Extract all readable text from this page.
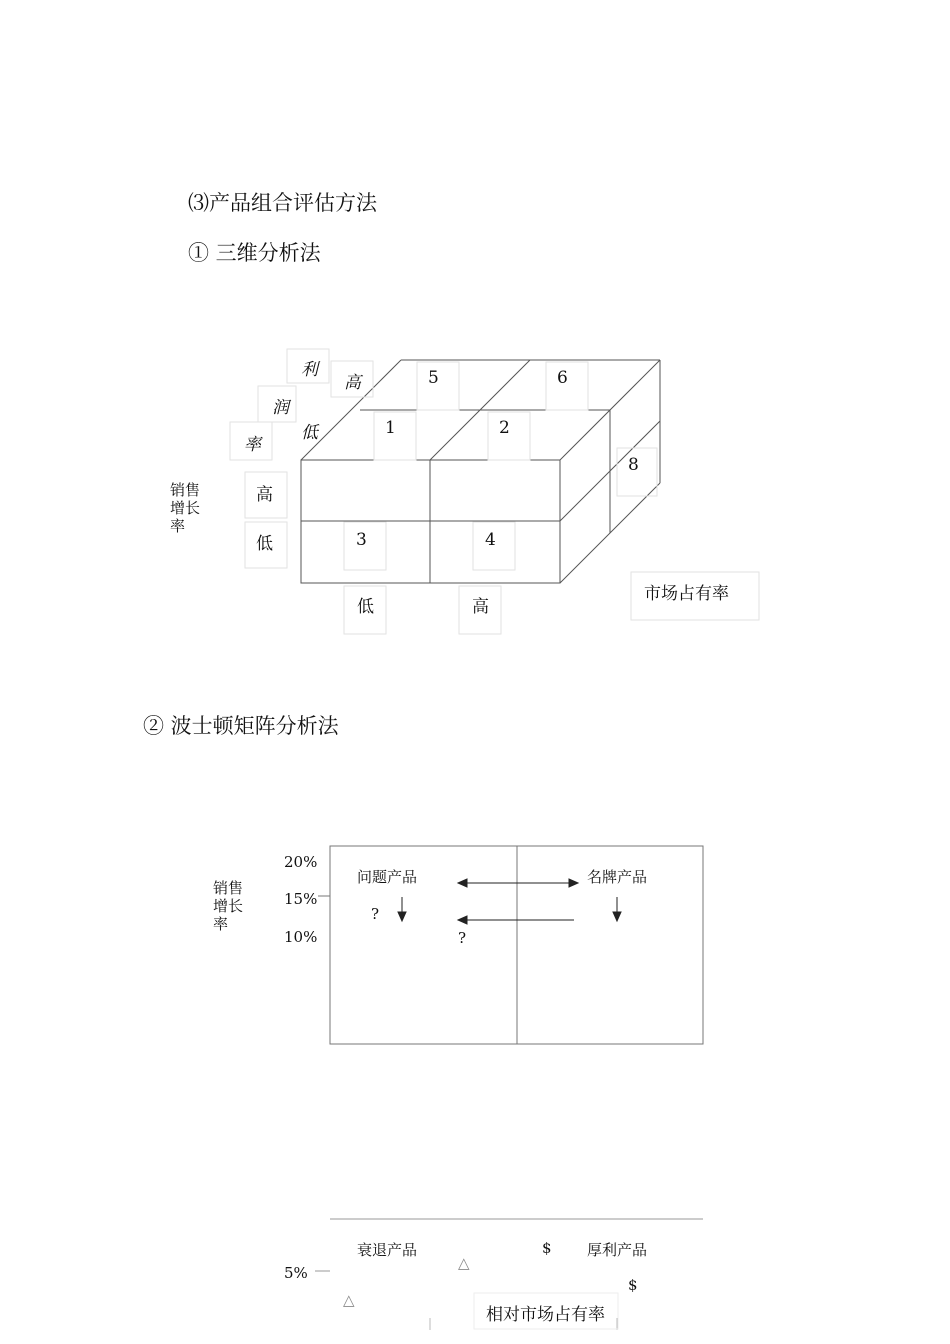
⑶产品组合评估方法
① 三维分析法
② 波士顿矩阵分析法
利
润
率
高
低
销售
增长
率
高
低
低	高
市场占有率
5	6
1	2
8
3	4
销售
增长
率
20%
15%
10%
5%
问题产品	名牌产品
?
?
衰退产品	厚利产品
$
$
△
△
相对市场占有率
